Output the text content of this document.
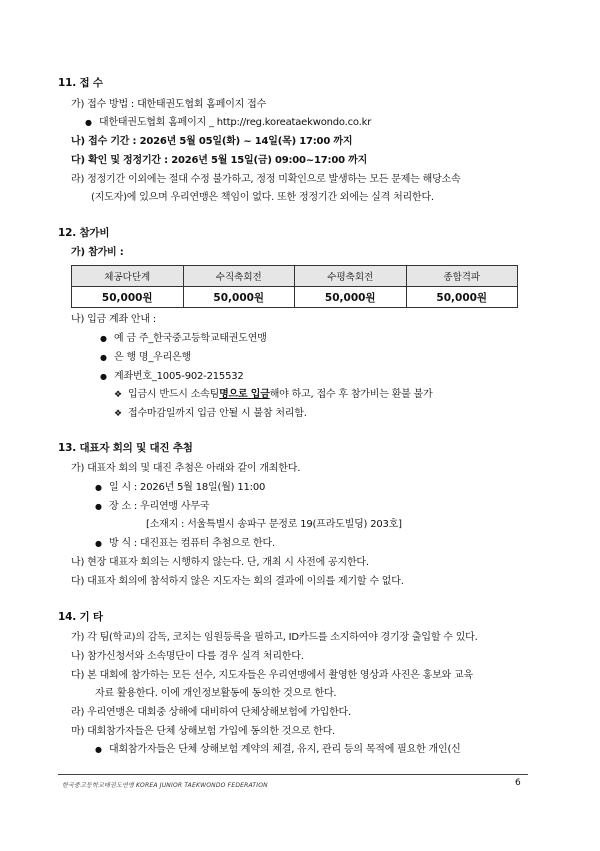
11. 접 수
가) 접수 방법 : 대한태권도협회 홈페이지 접수
● 대한태권도협회 홈페이지 _ http://reg.koreataekwondo.co.kr
나) 접수 기간 : 2026년 5월 05일(화) ~ 14일(목) 17:00 까지
다) 확인 및 정정기간 : 2026년 5월 15일(금) 09:00~17:00 까지
라) 정정기간 이외에는 절대 수정 불가하고, 정정 미확인으로 발생하는 모든 문제는 해당소속
(지도자)에 있으며 우리연맹은 책임이 없다. 또한 정정기간 외에는 실격 처리한다.
12. 참가비
가) 참가비 :
체공다단계	수직축회전	수평축회전	종합격파
50,000원	50,000원	50,000원	50,000원
나) 입금 계좌 안내 :
● 예 금 주_한국중고등학교태권도연맹
● 은 행 명_우리은행
● 계좌번호_1005-902-215532
❖ 입금시 반드시 소속팀명으로 입금해야 하고, 접수 후 참가비는 환불 불가
❖ 접수마감일까지 입금 안될 시 불참 처리함.
13. 대표자 회의 및 대진 추첨
가) 대표자 회의 및 대진 추첨은 아래와 같이 개최한다.
● 일 시 : 2026년 5월 18일(월) 11:00
● 장 소 : 우리연맹 사무국
[소재지 : 서울특별시 송파구 문정로 19(프라도빌딩) 203호]
● 방 식 : 대진표는 컴퓨터 추첨으로 한다.
나) 현장 대표자 회의는 시행하지 않는다. 단, 개최 시 사전에 공지한다.
다) 대표자 회의에 참석하지 않은 지도자는 회의 결과에 이의를 제기할 수 없다.
14. 기 타
가) 각 팀(학교)의 감독, 코치는 임원등록을 필하고, ID카드를 소지하여야 경기장 출입할 수 있다.
나) 참가신청서와 소속명단이 다를 경우 실격 처리한다.
다) 본 대회에 참가하는 모든 선수, 지도자들은 우리연맹에서 촬영한 영상과 사진은 홍보와 교육
자료 활용한다. 이에 개인정보활동에 동의한 것으로 한다.
라) 우리연맹은 대회중 상해에 대비하여 단체상해보험에 가입한다.
마) 대회참가자들은 단체 상해보험 가입에 동의한 것으로 한다.
● 대회참가자들은 단체 상해보험 계약의 체결, 유지, 관리 등의 목적에 필요한 개인(신
한국중고등학교태권도연맹 KOREA JUNIOR TAEKWONDO FEDERATION	6
